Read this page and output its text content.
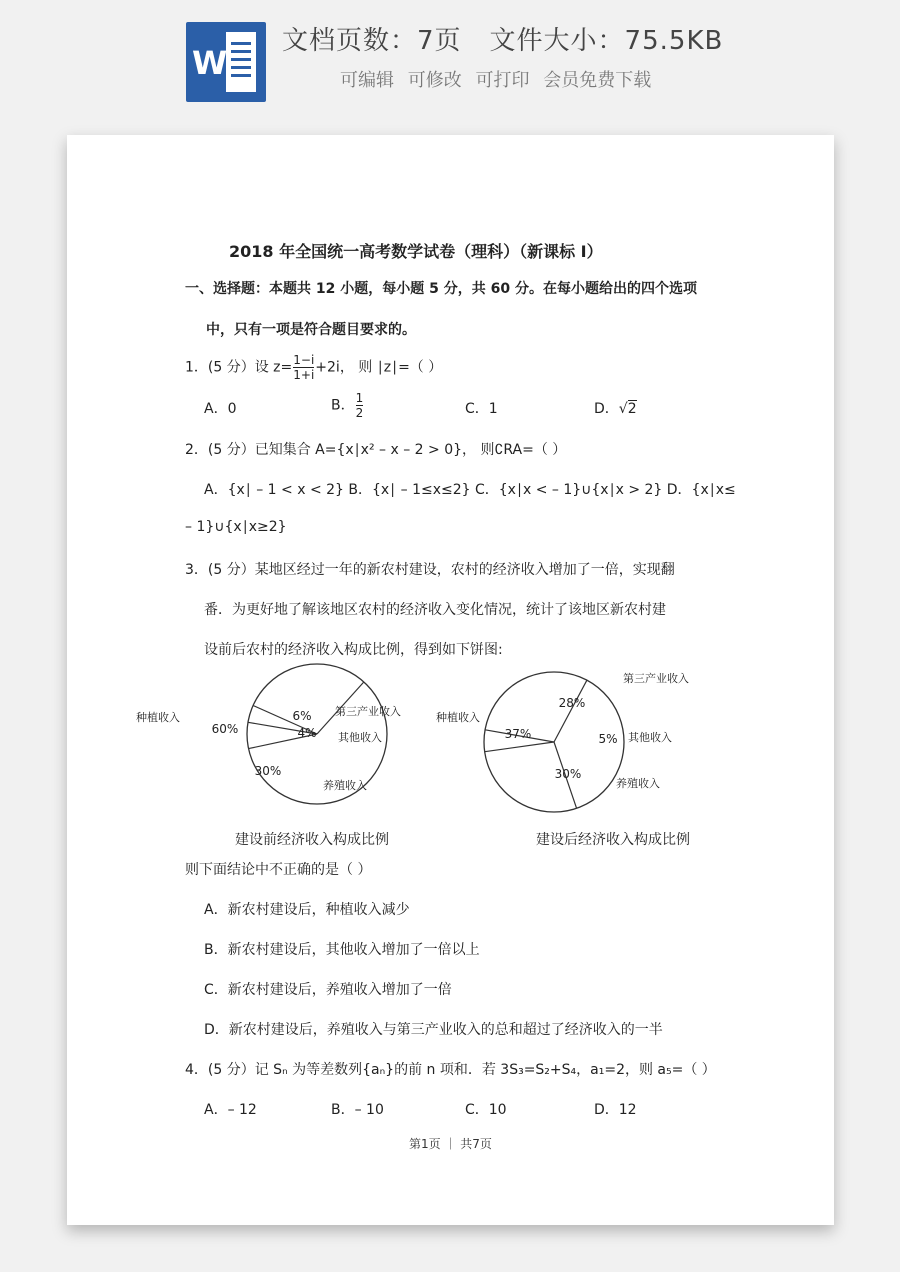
W
文档页数：7页 文件大小：75.5KB
可编辑 可修改 可打印 会员免费下载
2018 年全国统一高考数学试卷（理科）（新课标 Ⅰ）
一、选择题：本题共 12 小题，每小题 5 分，共 60 分。在每小题给出的四个选项
中，只有一项是符合题目要求的。
1．(5 分）设 $z= \frac{1-i}{1+i} +2i$， 则 ∣z∣=（ ）
A．0	B． $\frac{1}{2}$	C．1	D．√2
2．(5 分）已知集合 A={x∣x² – x – 2 > 0}， 则∁RA=（ ）
A．{x∣ – 1 < x < 2} B．{x∣ – 1≤x≤2} C．{x∣x < – 1}∪{x∣x > 2} D．{x∣x≤
– 1}∪{x∣x≥2}
3．(5 分）某地区经过一年的新农村建设，农村的经济收入增加了一倍，实现翻
番．为更好地了解该地区农村的经济收入变化情况，统计了该地区新农村建
设前后农村的经济收入构成比例，得到如下饼图:
60%
6%
4%
30%
种植收入	第三产业收入
其他收入
养殖收入
37%
28%
5%
30%
种植收入
第三产业收入
其他收入
养殖收入
建设前经济收入构成比例	建设后经济收入构成比例
则下面结论中不正确的是（ ）
A．新农村建设后，种植收入减少
B．新农村建设后，其他收入增加了一倍以上
C．新农村建设后，养殖收入增加了一倍
D．新农村建设后，养殖收入与第三产业收入的总和超过了经济收入的一半
4．(5 分）记 Sₙ 为等差数列{aₙ}的前 n 项和．若 3S₃=S₂+S₄，a₁=2，则 a₅=（ ）
A．– 12	B．– 10	C．10	D．12
第1页 ｜ 共7页
